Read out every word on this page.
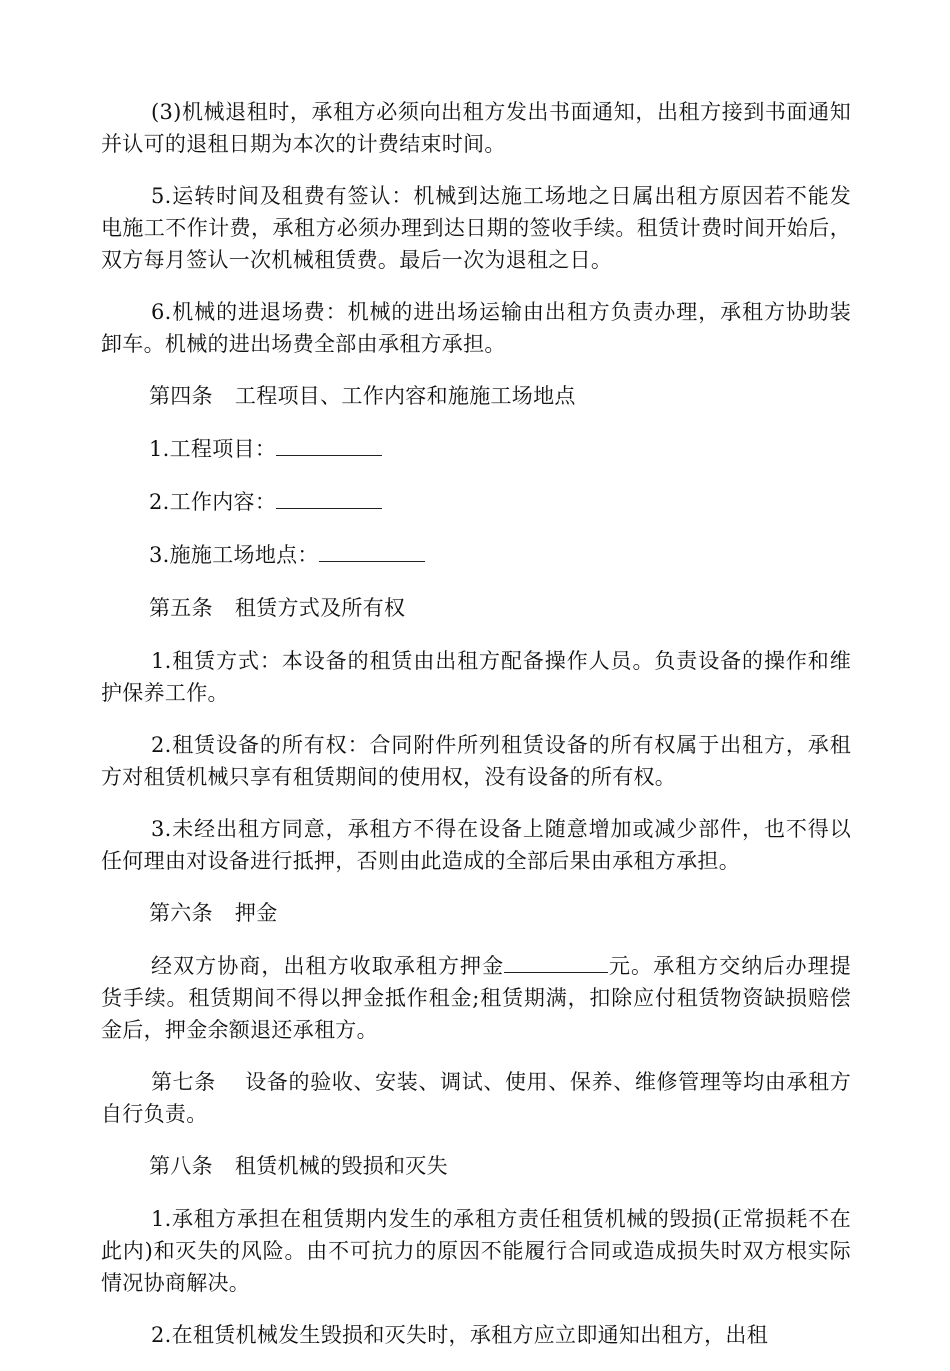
(3)机械退租时，承租方必须向出租方发出书面通知，出租方接到书面通知并认可的退租日期为本次的计费结束时间。

5.运转时间及租费有签认：机械到达施工场地之日属出租方原因若不能发电施工不作计费，承租方必须办理到达日期的签收手续。租赁计费时间开始后，双方每月签认一次机械租赁费。最后一次为退租之日。

6.机械的进退场费：机械的进出场运输由出租方负责办理，承租方协助装卸车。机械的进出场费全部由承租方承担。

第四条 工程项目、工作内容和施施工场地点

1.工程项目：

2.工作内容：

3.施施工场地点：

第五条 租赁方式及所有权

1.租赁方式：本设备的租赁由出租方配备操作人员。负责设备的操作和维护保养工作。

2.租赁设备的所有权：合同附件所列租赁设备的所有权属于出租方，承租方对租赁机械只享有租赁期间的使用权，没有设备的所有权。

3.未经出租方同意，承租方不得在设备上随意增加或减少部件，也不得以任何理由对设备进行抵押，否则由此造成的全部后果由承租方承担。

第六条 押金

经双方协商，出租方收取承租方押金	元。承租方交纳后办理提货手续。租赁期间不得以押金抵作租金;租赁期满，扣除应付租赁物资缺损赔偿金后，押金余额退还承租方。

第七条 设备的验收、安装、调试、使用、保养、维修管理等均由承租方自行负责。

第八条 租赁机械的毁损和灭失

1.承租方承担在租赁期内发生的承租方责任租赁机械的毁损(正常损耗不在此内)和灭失的风险。由不可抗力的原因不能履行合同或造成损失时双方根实际情况协商解决。

2.在租赁机械发生毁损和灭失时，承租方应立即通知出租方，出租
